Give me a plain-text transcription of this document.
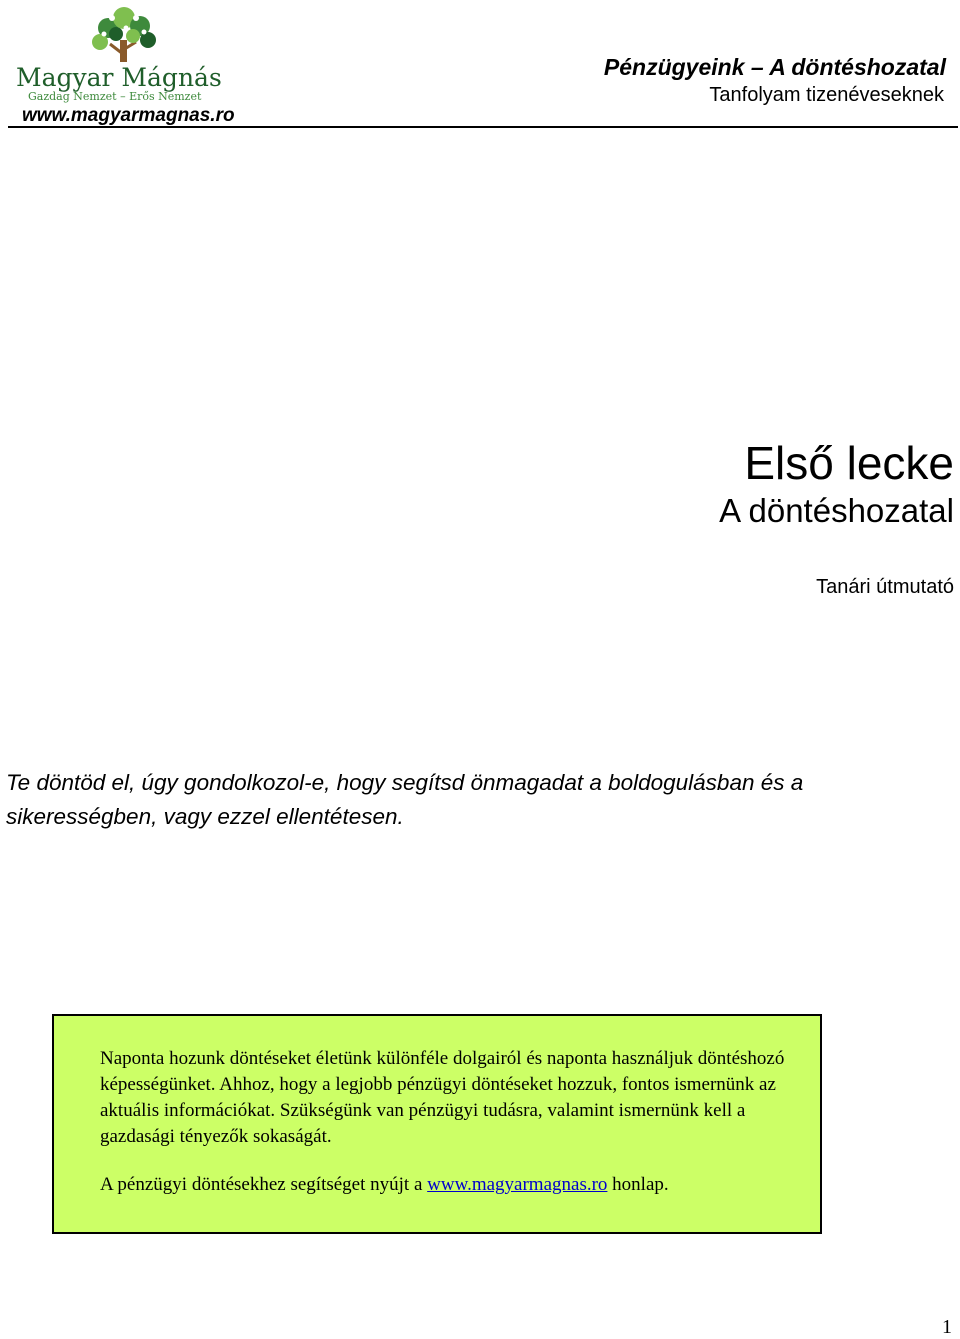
Magyar Mágnás
Gazdag Nemzet – Erős Nemzet
www.magyarmagnas.ro
Pénzügyeink – A döntéshozatal
Tanfolyam tizenéveseknek
Első lecke
A döntéshozatal
Tanári útmutató

Te döntöd el, úgy gondolkozol-e, hogy segítsd önmagadat a boldogulásban és a sikerességben, vagy ezzel ellentétesen.

Naponta hozunk döntéseket életünk különféle dolgairól és naponta használjuk döntéshozó képességünket. Ahhoz, hogy a legjobb pénzügyi döntéseket hozzuk, fontos ismernünk az aktuális információkat. Szükségünk van pénzügyi tudásra, valamint ismernünk kell a gazdasági tényezők sokaságát.

A pénzügyi döntésekhez segítséget nyújt a www.magyarmagnas.ro honlap.

1
